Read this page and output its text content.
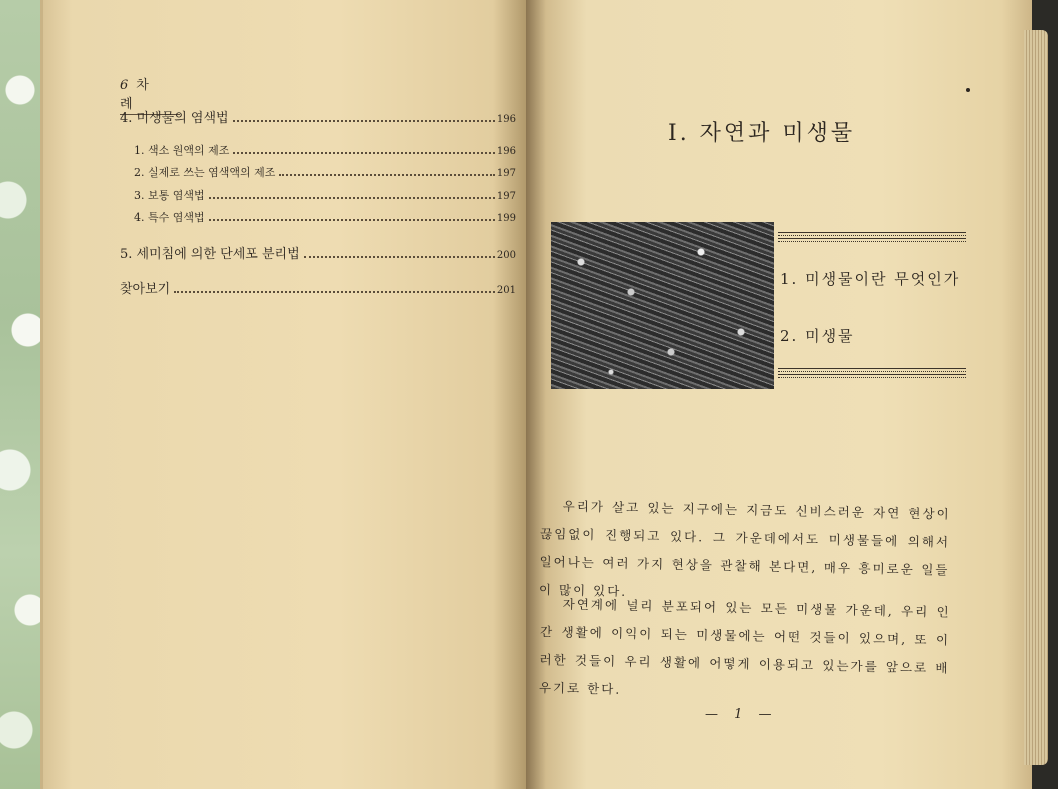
6 차 례
4. 미생물의 염색법	196
1. 색소 원액의 제조	196
2. 실제로 쓰는 염색액의 제조	197
3. 보통 염색법	197
4. 특수 염색법	199
5. 세미침에 의한 단세포 분리법	200
찾아보기	201
I. 자연과 미생물
1. 미생물이란 무엇인가
2. 미생물
우리가 살고 있는 지구에는 지금도 신비스러운 자연 현상이 끊임없이 진행되고 있다. 그 가운데에서도 미생물들에 의해서 일어나는 여러 가지 현상을 관찰해 본다면, 매우 흥미로운 일들이 많이 있다.
자연계에 널리 분포되어 있는 모든 미생물 가운데, 우리 인간 생활에 이익이 되는 미생물에는 어떤 것들이 있으며, 또 이러한 것들이 우리 생활에 어떻게 이용되고 있는가를 앞으로 배우기로 한다.
— 1 —
